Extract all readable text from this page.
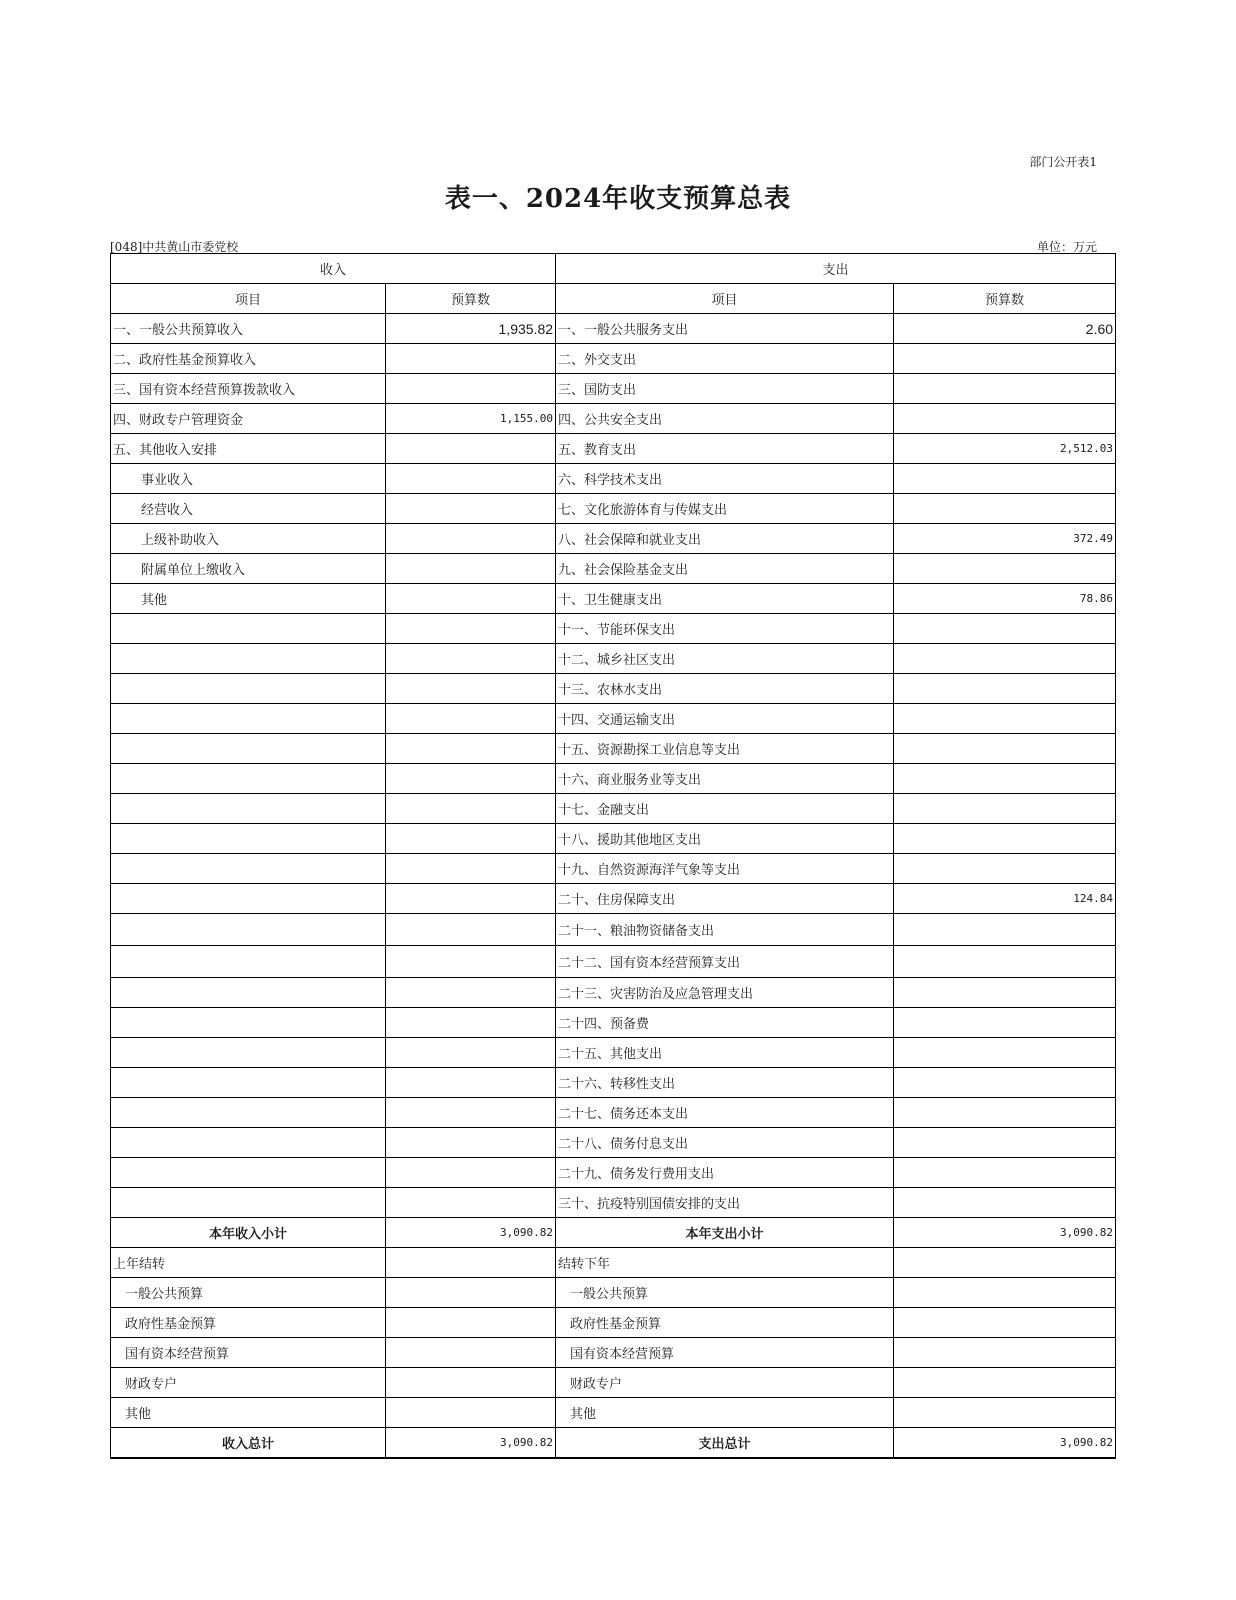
部门公开表1
表一、2024年收支预算总表
[048]中共黄山市委党校	单位：万元
收入		支出	
项目	预算数	项目	预算数
一、一般公共预算收入	1,935.82	一、一般公共服务支出	2.60
二、政府性基金预算收入		二、外交支出	
三、国有资本经营预算拨款收入		三、国防支出	
四、财政专户管理资金	1,155.00	四、公共安全支出	
五、其他收入安排		五、教育支出	2,512.03
事业收入		六、科学技术支出	
经营收入		七、文化旅游体育与传媒支出	
上级补助收入		八、社会保障和就业支出	372.49
附属单位上缴收入		九、社会保险基金支出	
其他		十、卫生健康支出	78.86
		十一、节能环保支出	
		十二、城乡社区支出	
		十三、农林水支出	
		十四、交通运输支出	
		十五、资源勘探工业信息等支出	
		十六、商业服务业等支出	
		十七、金融支出	
		十八、援助其他地区支出	
		十九、自然资源海洋气象等支出	
		二十、住房保障支出	124.84
		二十一、粮油物资储备支出	
		二十二、国有资本经营预算支出	
		二十三、灾害防治及应急管理支出	
		二十四、预备费	
		二十五、其他支出	
		二十六、转移性支出	
		二十七、债务还本支出	
		二十八、债务付息支出	
		二十九、债务发行费用支出	
		三十、抗疫特别国债安排的支出	
本年收入小计	3,090.82	本年支出小计	3,090.82
上年结转		结转下年	
一般公共预算		一般公共预算	
政府性基金预算		政府性基金预算	
国有资本经营预算		国有资本经营预算	
财政专户		财政专户	
其他		其他	
收入总计	3,090.82	支出总计	3,090.82
